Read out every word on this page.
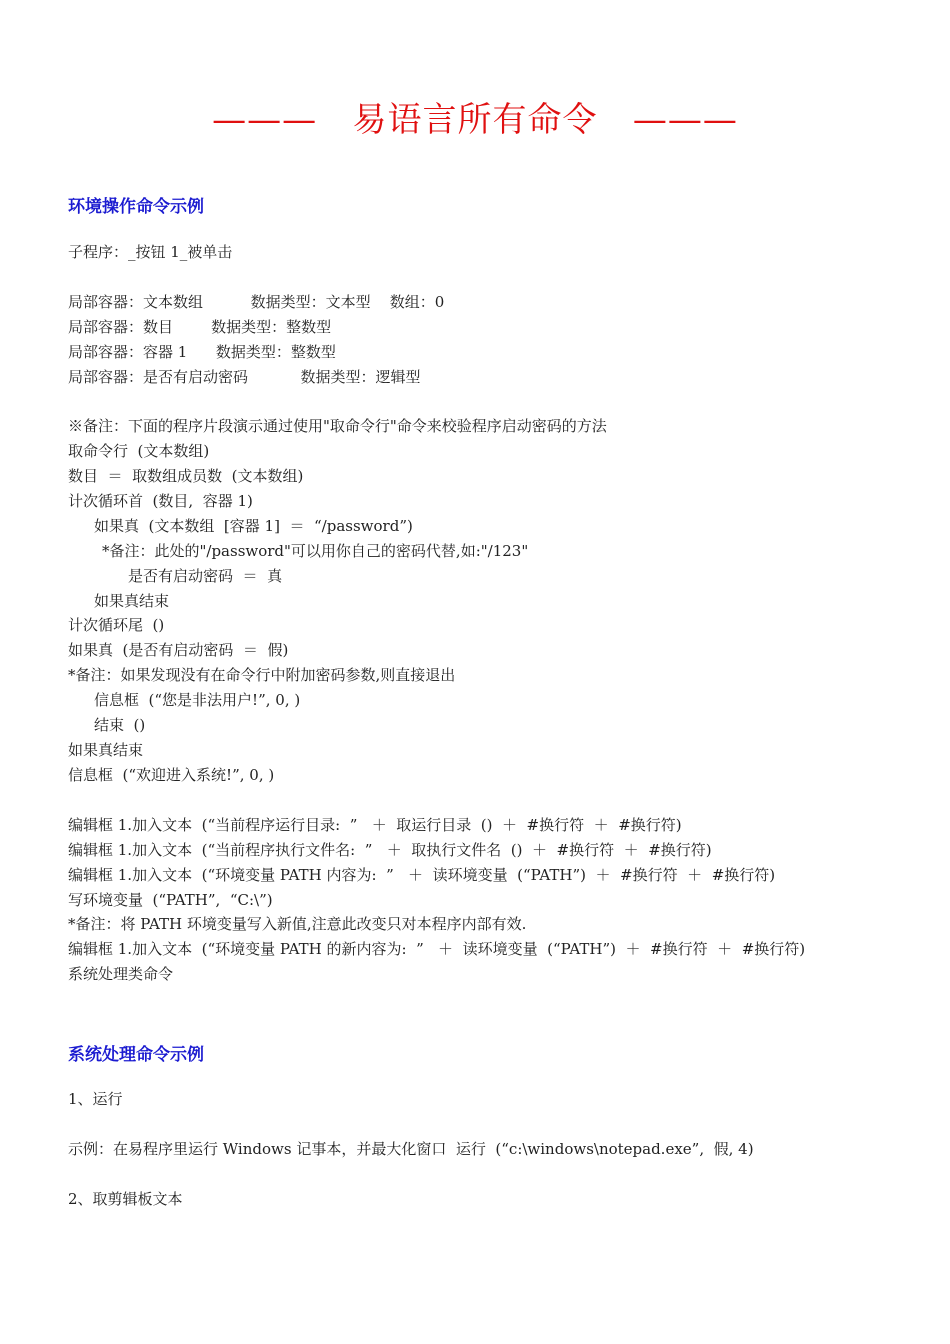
———   易语言所有命令   ———
环境操作命令示例
子程序：_按钮 1_被单击
局部容器：文本数组          数据类型：文本型    数组：0
局部容器：数目        数据类型：整数型
局部容器：容器 1      数据类型：整数型
局部容器：是否有启动密码           数据类型：逻辑型
※备注：下面的程序片段演示通过使用"取命令行"命令来校验程序启动密码的方法
取命令行  (文本数组)
数目  ＝  取数组成员数  (文本数组)
计次循环首  (数目,  容器 1)
如果真  (文本数组  [容器 1]  ＝  “/password”)
*备注：此处的"/password"可以用你自己的密码代替,如:"/123"
是否有启动密码  ＝  真
如果真结束
计次循环尾  ()
如果真  (是否有启动密码  ＝  假)
*备注：如果发现没有在命令行中附加密码参数,则直接退出
信息框  (“您是非法用户!”, 0, )
结束  ()
如果真结束
信息框  (“欢迎进入系统!”, 0, )
编辑框 1.加入文本  (“当前程序运行目录:  ”   ＋  取运行目录  ()  ＋  #换行符  ＋  #换行符)
编辑框 1.加入文本  (“当前程序执行文件名:  ”   ＋  取执行文件名  ()  ＋  #换行符  ＋  #换行符)
编辑框 1.加入文本  (“环境变量 PATH 内容为:  ”   ＋  读环境变量  (“PATH”)  ＋  #换行符  ＋  #换行符)
写环境变量  (“PATH”,  “C:\”)
*备注：将 PATH 环境变量写入新值,注意此改变只对本程序内部有效.
编辑框 1.加入文本  (“环境变量 PATH 的新内容为:  ”   ＋  读环境变量  (“PATH”)  ＋  #换行符  ＋  #换行符)
系统处理类命令
系统处理命令示例
1、运行
示例：在易程序里运行 Windows 记事本，并最大化窗口  运行  (“c:\windows\notepad.exe”,  假, 4)
2、取剪辑板文本
